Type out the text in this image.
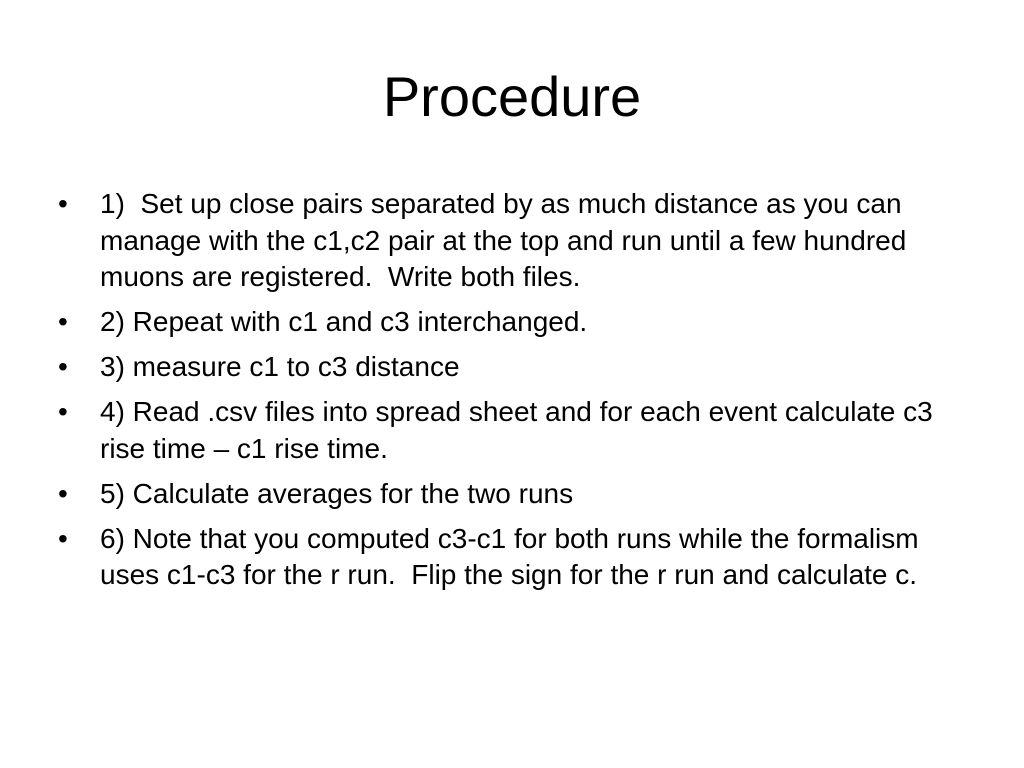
Procedure
•	1)  Set up close pairs separated by as much distance as you can manage with the c1,c2 pair at the top and run until a few hundred muons are registered.  Write both files.
•	2) Repeat with c1 and c3 interchanged.
•	3) measure c1 to c3 distance
•	4) Read .csv files into spread sheet and for each event calculate c3 rise time – c1 rise time.
•	5) Calculate averages for the two runs
•	6) Note that you computed c3-c1 for both runs while the formalism uses c1-c3 for the r run.  Flip the sign for the r run and calculate c.
